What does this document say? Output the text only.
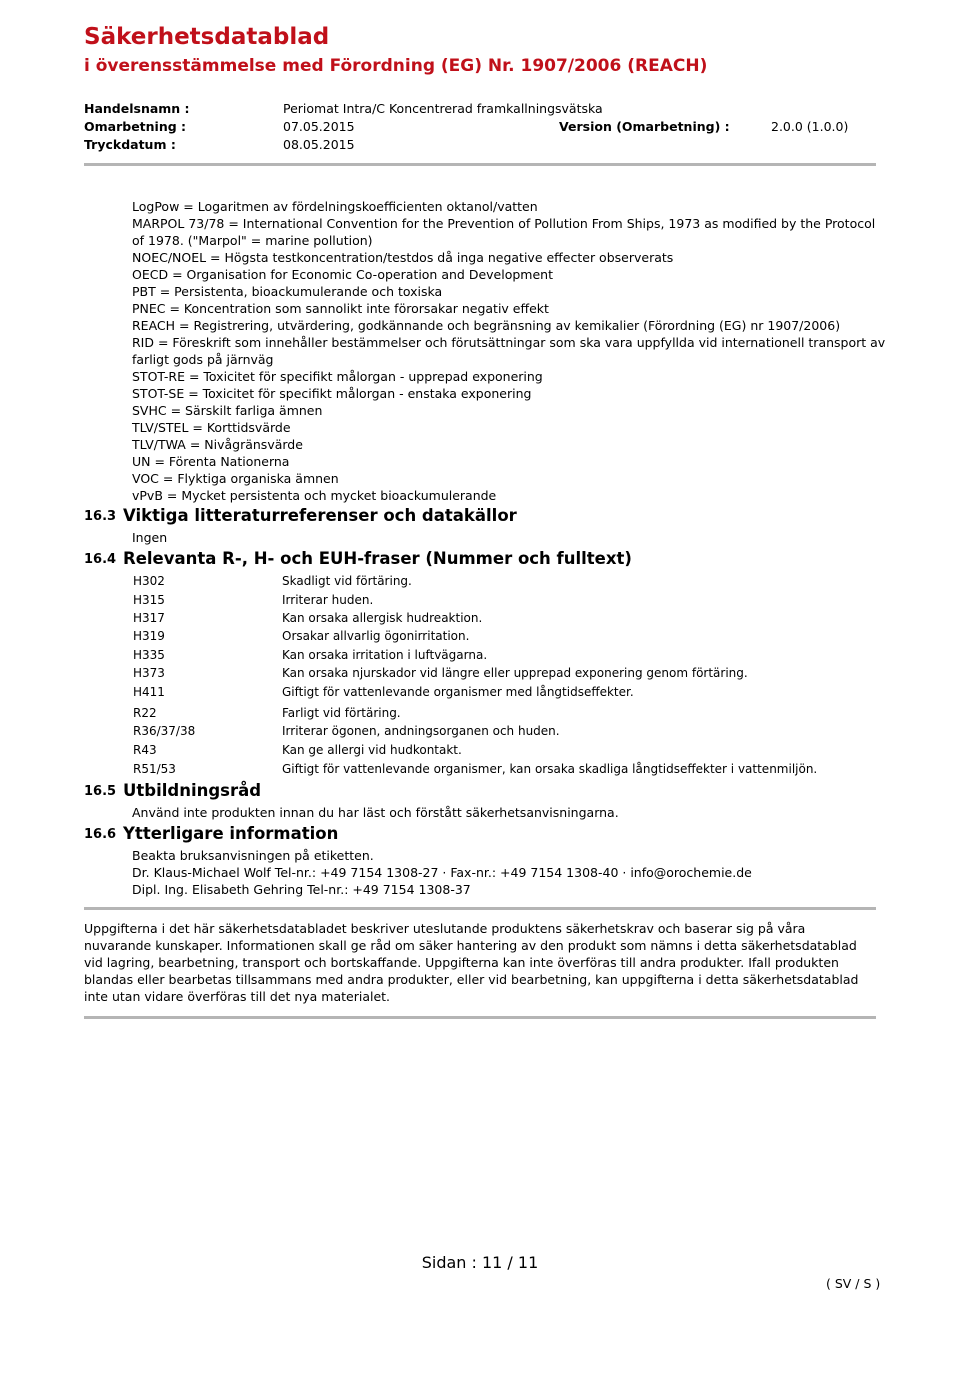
Säkerhetsdatablad
i överensstämmelse med Förordning (EG) Nr. 1907/2006 (REACH)
Handelsnamn :	Periomat Intra/C Koncentrerad framkallningsvätska
Omarbetning :	07.05.2015	Version (Omarbetning) :	2.0.0 (1.0.0)
Tryckdatum :	08.05.2015
LogPow = Logaritmen av fördelningskoefficienten oktanol/vatten
MARPOL 73/78 = International Convention for the Prevention of Pollution From Ships, 1973 as modified by the Protocol
of 1978. ("Marpol" = marine pollution)
NOEC/NOEL = Högsta testkoncentration/testdos då inga negative effecter observerats
OECD = Organisation for Economic Co-operation and Development
PBT = Persistenta, bioackumulerande och toxiska
PNEC = Koncentration som sannolikt inte förorsakar negativ effekt
REACH = Registrering, utvärdering, godkännande och begränsning av kemikalier (Förordning (EG) nr 1907/2006)
RID = Föreskrift som innehåller bestämmelser och förutsättningar som ska vara uppfyllda vid internationell transport av
farligt gods på järnväg
STOT-RE = Toxicitet för specifikt målorgan - upprepad exponering
STOT-SE = Toxicitet för specifikt målorgan - enstaka exponering
SVHC = Särskilt farliga ämnen
TLV/STEL = Korttidsvärde
TLV/TWA = Nivågränsvärde
UN = Förenta Nationerna
VOC = Flyktiga organiska ämnen
vPvB = Mycket persistenta och mycket bioackumulerande
16.3 Viktiga litteraturreferenser och datakällor
Ingen
16.4 Relevanta R-, H- och EUH-fraser (Nummer och fulltext)
H302	Skadligt vid förtäring.
H315	Irriterar huden.
H317	Kan orsaka allergisk hudreaktion.
H319	Orsakar allvarlig ögonirritation.
H335	Kan orsaka irritation i luftvägarna.
H373	Kan orsaka njurskador vid längre eller upprepad exponering genom förtäring.
H411	Giftigt för vattenlevande organismer med långtidseffekter.
R22	Farligt vid förtäring.
R36/37/38	Irriterar ögonen, andningsorganen och huden.
R43	Kan ge allergi vid hudkontakt.
R51/53	Giftigt för vattenlevande organismer, kan orsaka skadliga långtidseffekter i vattenmiljön.
16.5 Utbildningsråd
Använd inte produkten innan du har läst och förstått säkerhetsanvisningarna.
16.6 Ytterligare information
Beakta bruksanvisningen på etiketten.
Dr. Klaus-Michael Wolf Tel-nr.: +49 7154 1308-27 · Fax-nr.: +49 7154 1308-40 · info@orochemie.de
Dipl. Ing. Elisabeth Gehring Tel-nr.: +49 7154 1308-37
Uppgifterna i det här säkerhetsdatabladet beskriver uteslutande produktens säkerhetskrav och baserar sig på våra nuvarande kunskaper. Informationen skall ge råd om säker hantering av den produkt som nämns i detta säkerhetsdatablad vid lagring, bearbetning, transport och bortskaffande. Uppgifterna kan inte överföras till andra produkter. Ifall produkten blandas eller bearbetas tillsammans med andra produkter, eller vid bearbetning, kan uppgifterna i detta säkerhetsdatablad inte utan vidare överföras till det nya materialet.
Sidan : 11 / 11
( SV / S )
